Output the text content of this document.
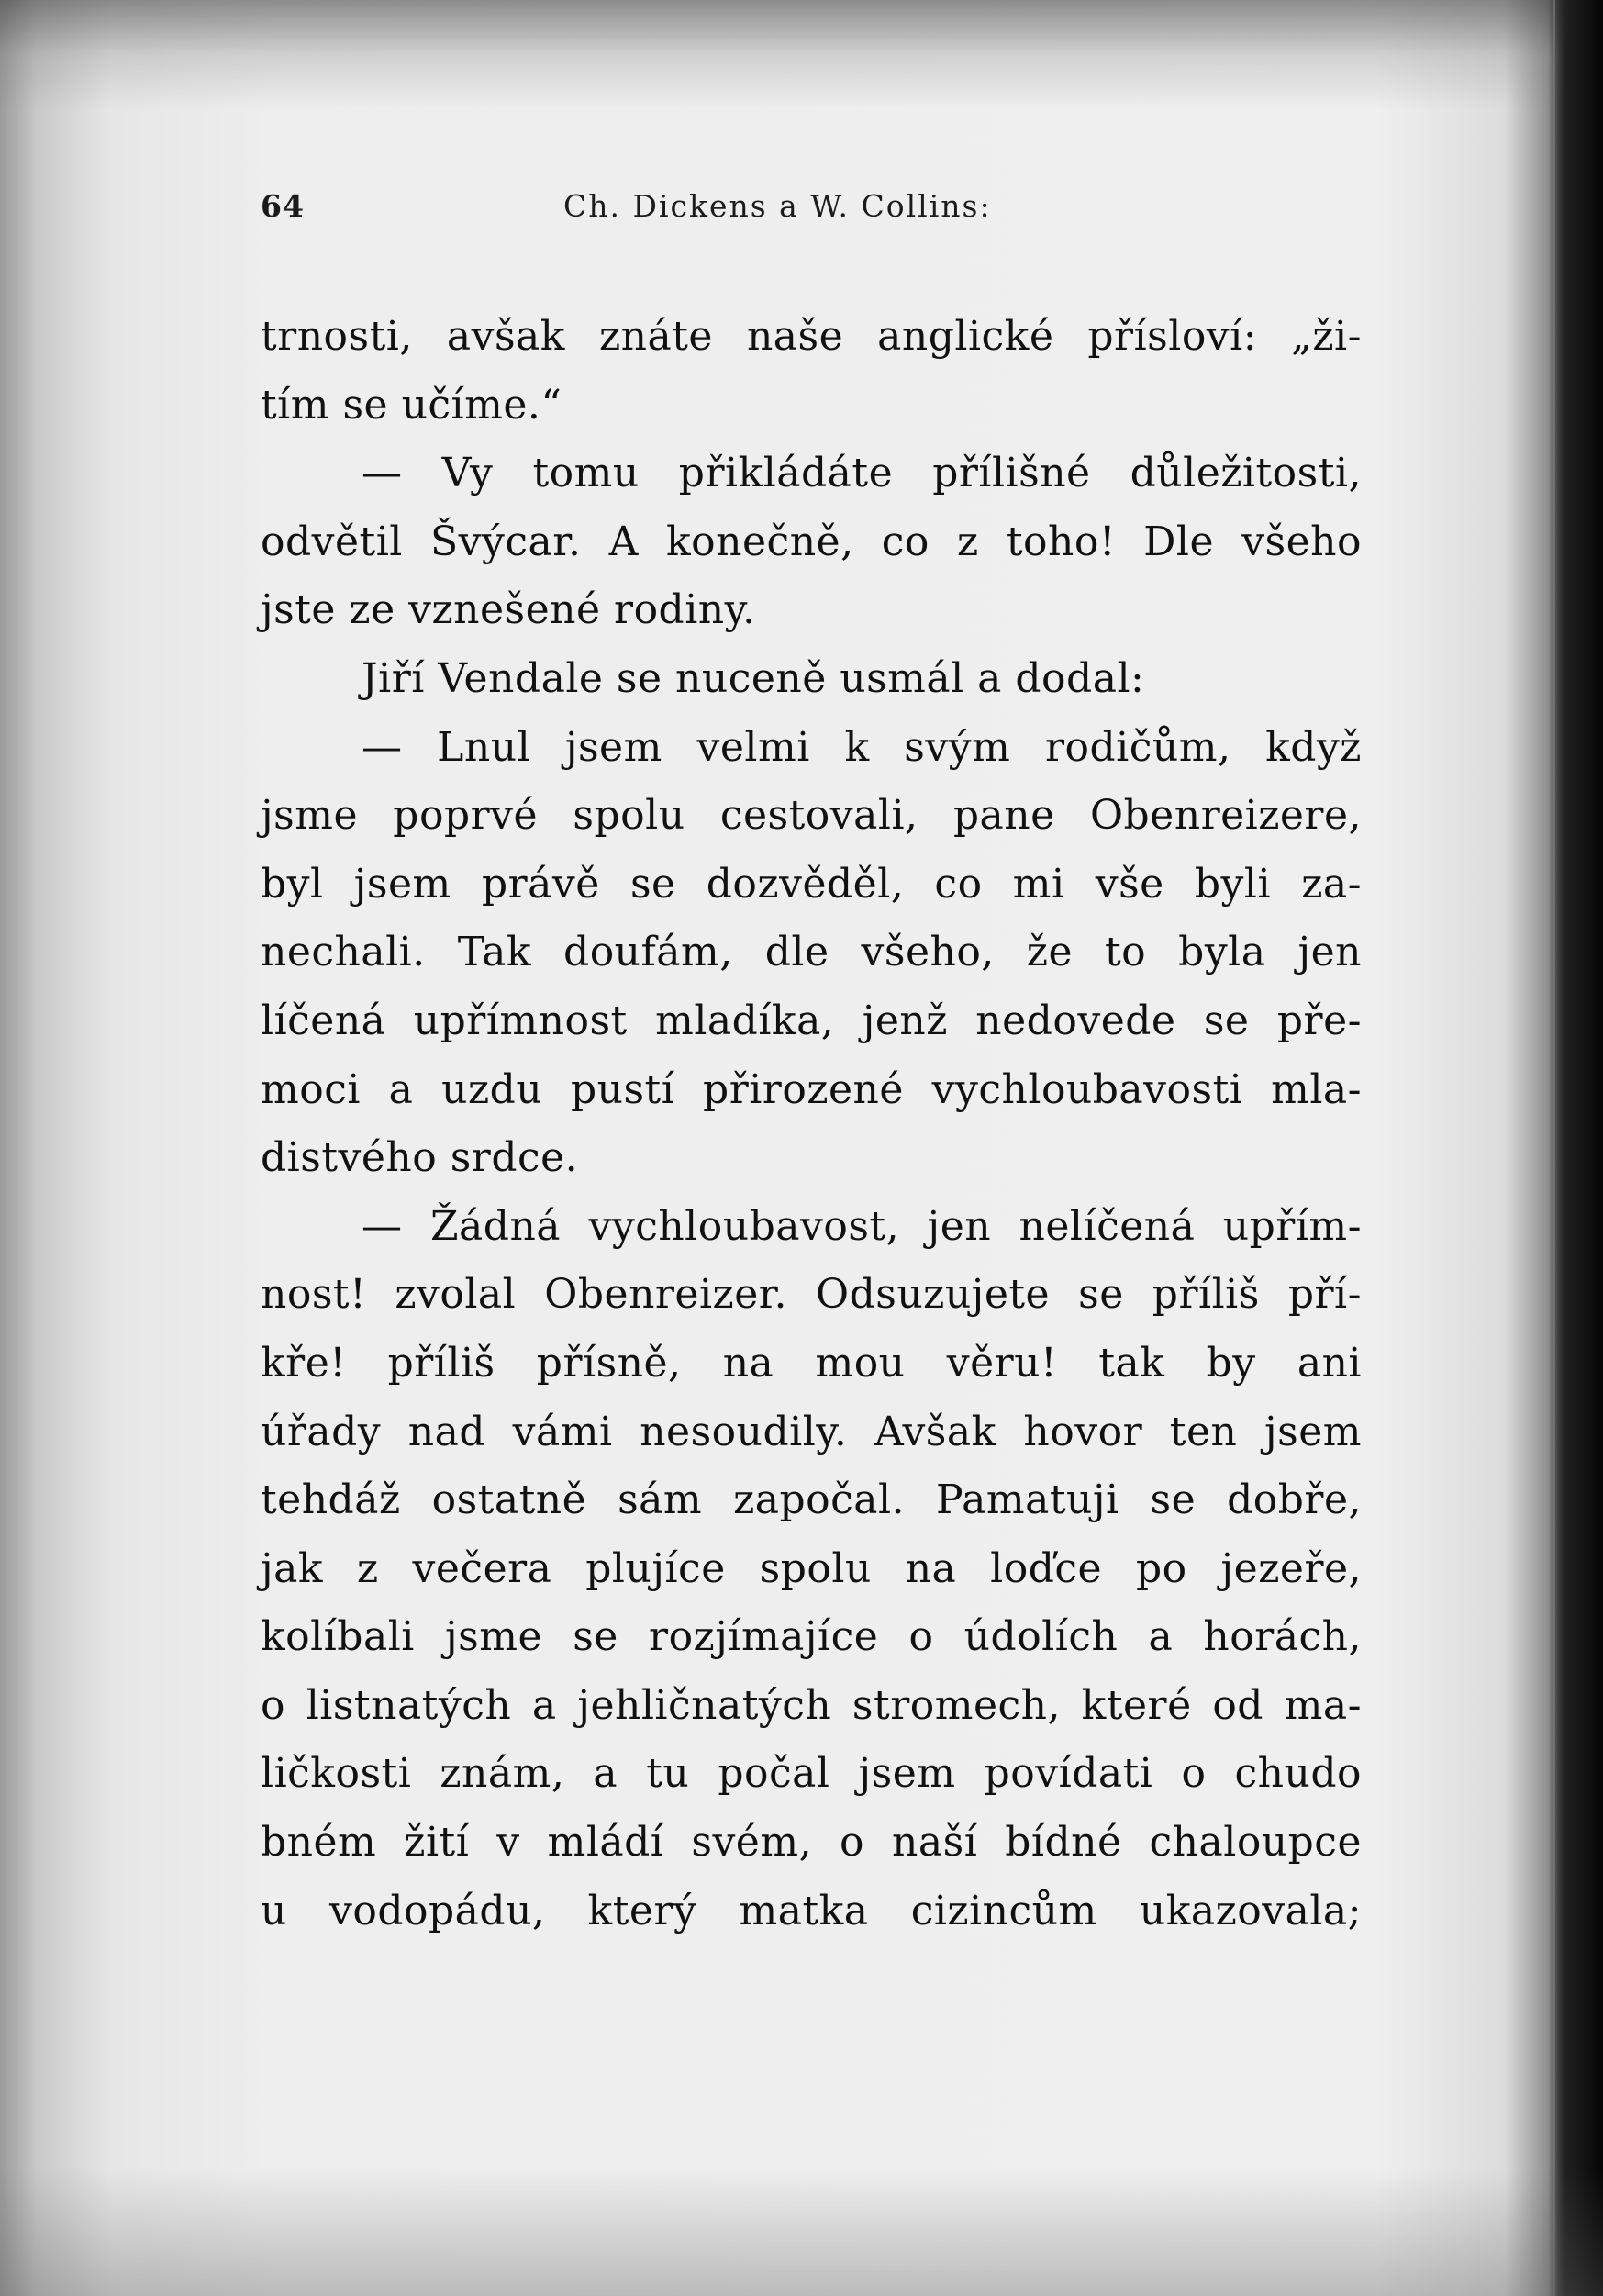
64	Ch. Dickens a W. Collins:
trnosti, avšak znáte naše anglické přísloví: „ži-
tím se učíme.“
— Vy tomu přikládáte přílišné důležitosti,
odvětil Švýcar. A konečně, co z toho! Dle všeho
jste ze vznešené rodiny.
Jiří Vendale se nuceně usmál a dodal:
— Lnul jsem velmi k svým rodičům, když
jsme poprvé spolu cestovali, pane Obenreizere,
byl jsem právě se dozvěděl, co mi vše byli za-
nechali. Tak doufám, dle všeho, že to byla jen
líčená upřímnost mladíka, jenž nedovede se pře-
moci a uzdu pustí přirozené vychloubavosti mla-
distvého srdce.
— Žádná vychloubavost, jen nelíčená upřím-
nost! zvolal Obenreizer. Odsuzujete se příliš pří-
kře! příliš přísně, na mou věru! tak by ani
úřady nad vámi nesoudily. Avšak hovor ten jsem
tehdáž ostatně sám započal. Pamatuji se dobře,
jak z večera plujíce spolu na loďce po jezeře,
kolíbali jsme se rozjímajíce o údolích a horách,
o listnatých a jehličnatých stromech, které od ma-
ličkosti znám, a tu počal jsem povídati o chudo
bném žití v mládí svém, o naší bídné chaloupce
u vodopádu, který matka cizincům ukazovala;
